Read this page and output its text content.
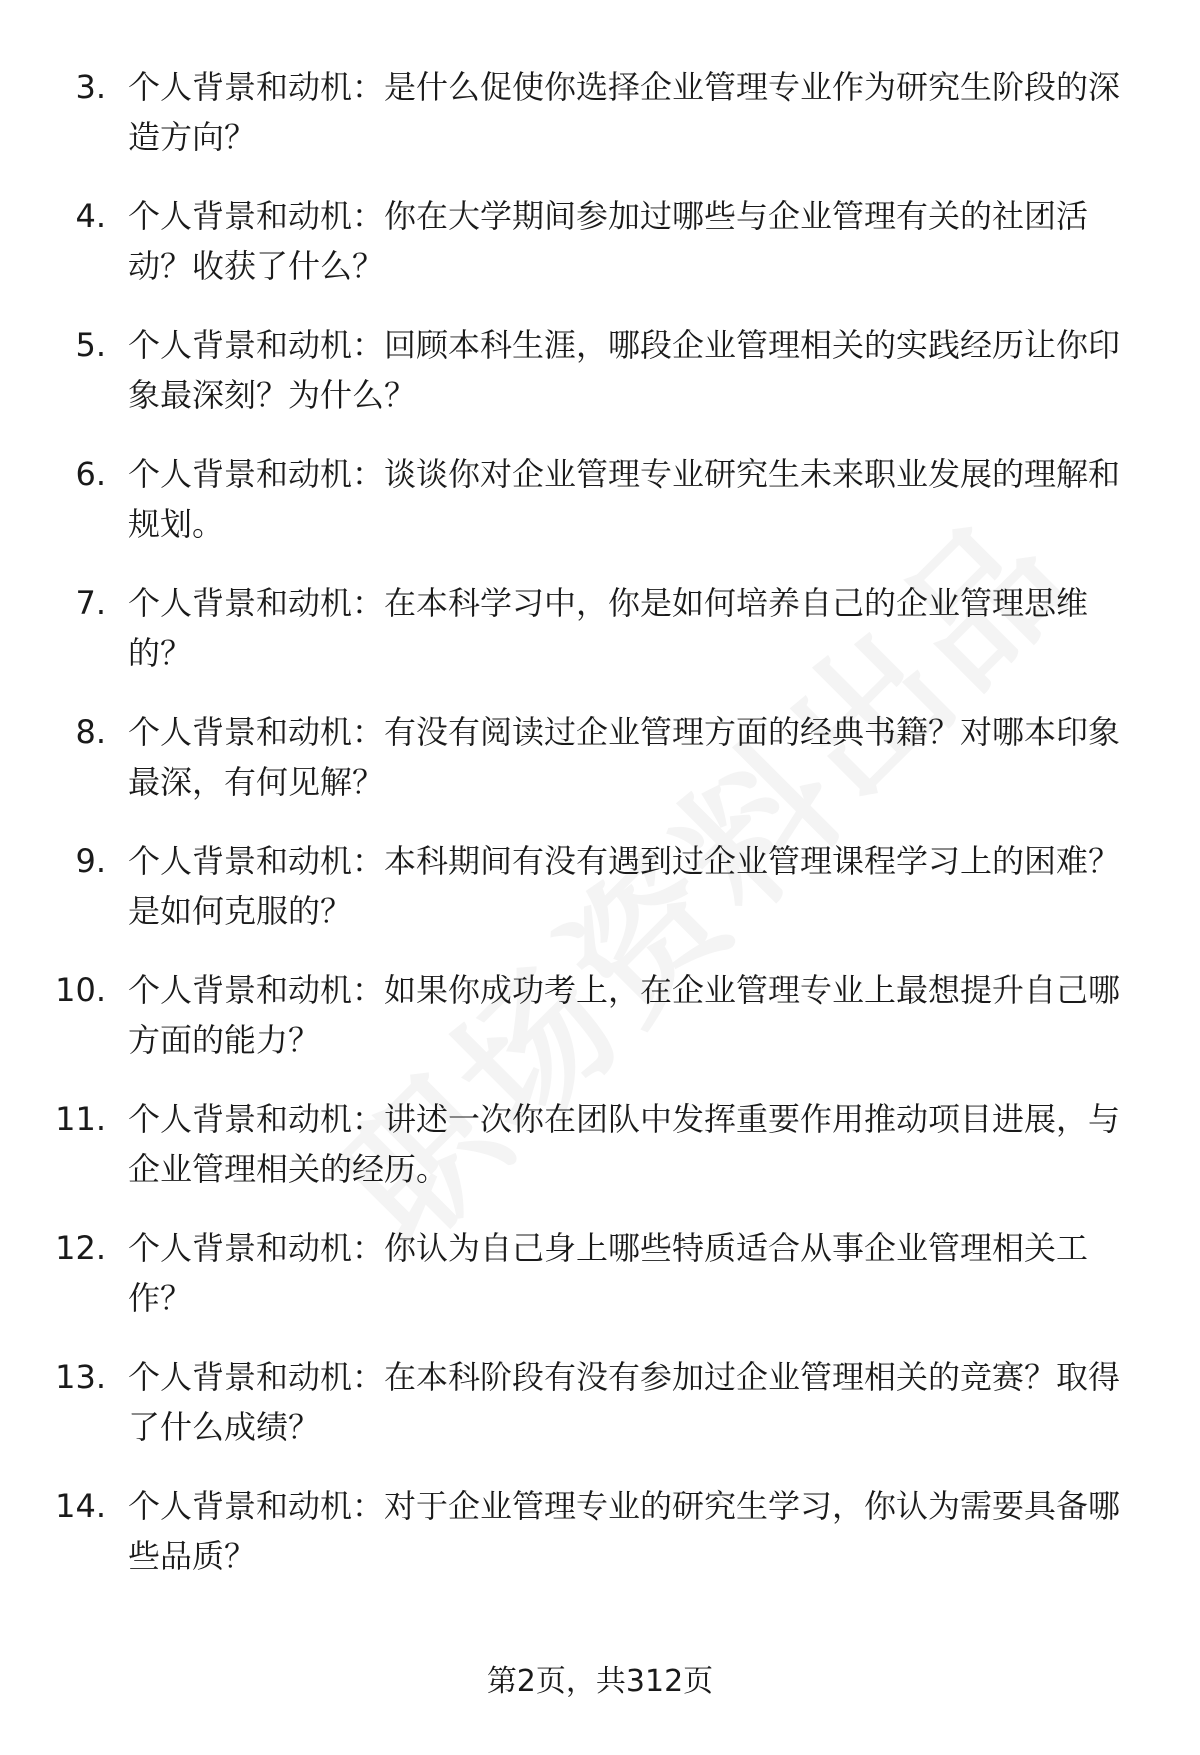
3. 个人背景和动机：是什么促使你选择企业管理专业作为研究生阶段的深造方向？
4. 个人背景和动机：你在大学期间参加过哪些与企业管理有关的社团活动？收获了什么？
5. 个人背景和动机：回顾本科生涯，哪段企业管理相关的实践经历让你印象最深刻？为什么？
6. 个人背景和动机：谈谈你对企业管理专业研究生未来职业发展的理解和规划。
7. 个人背景和动机：在本科学习中，你是如何培养自己的企业管理思维的？
8. 个人背景和动机：有没有阅读过企业管理方面的经典书籍？对哪本印象最深，有何见解？
9. 个人背景和动机：本科期间有没有遇到过企业管理课程学习上的困难？是如何克服的？
10. 个人背景和动机：如果你成功考上，在企业管理专业上最想提升自己哪方面的能力？
11. 个人背景和动机：讲述一次你在团队中发挥重要作用推动项目进展，与企业管理相关的经历。
12. 个人背景和动机：你认为自己身上哪些特质适合从事企业管理相关工作？
13. 个人背景和动机：在本科阶段有没有参加过企业管理相关的竞赛？取得了什么成绩？
14. 个人背景和动机：对于企业管理专业的研究生学习，你认为需要具备哪些品质？
第2页，共312页
